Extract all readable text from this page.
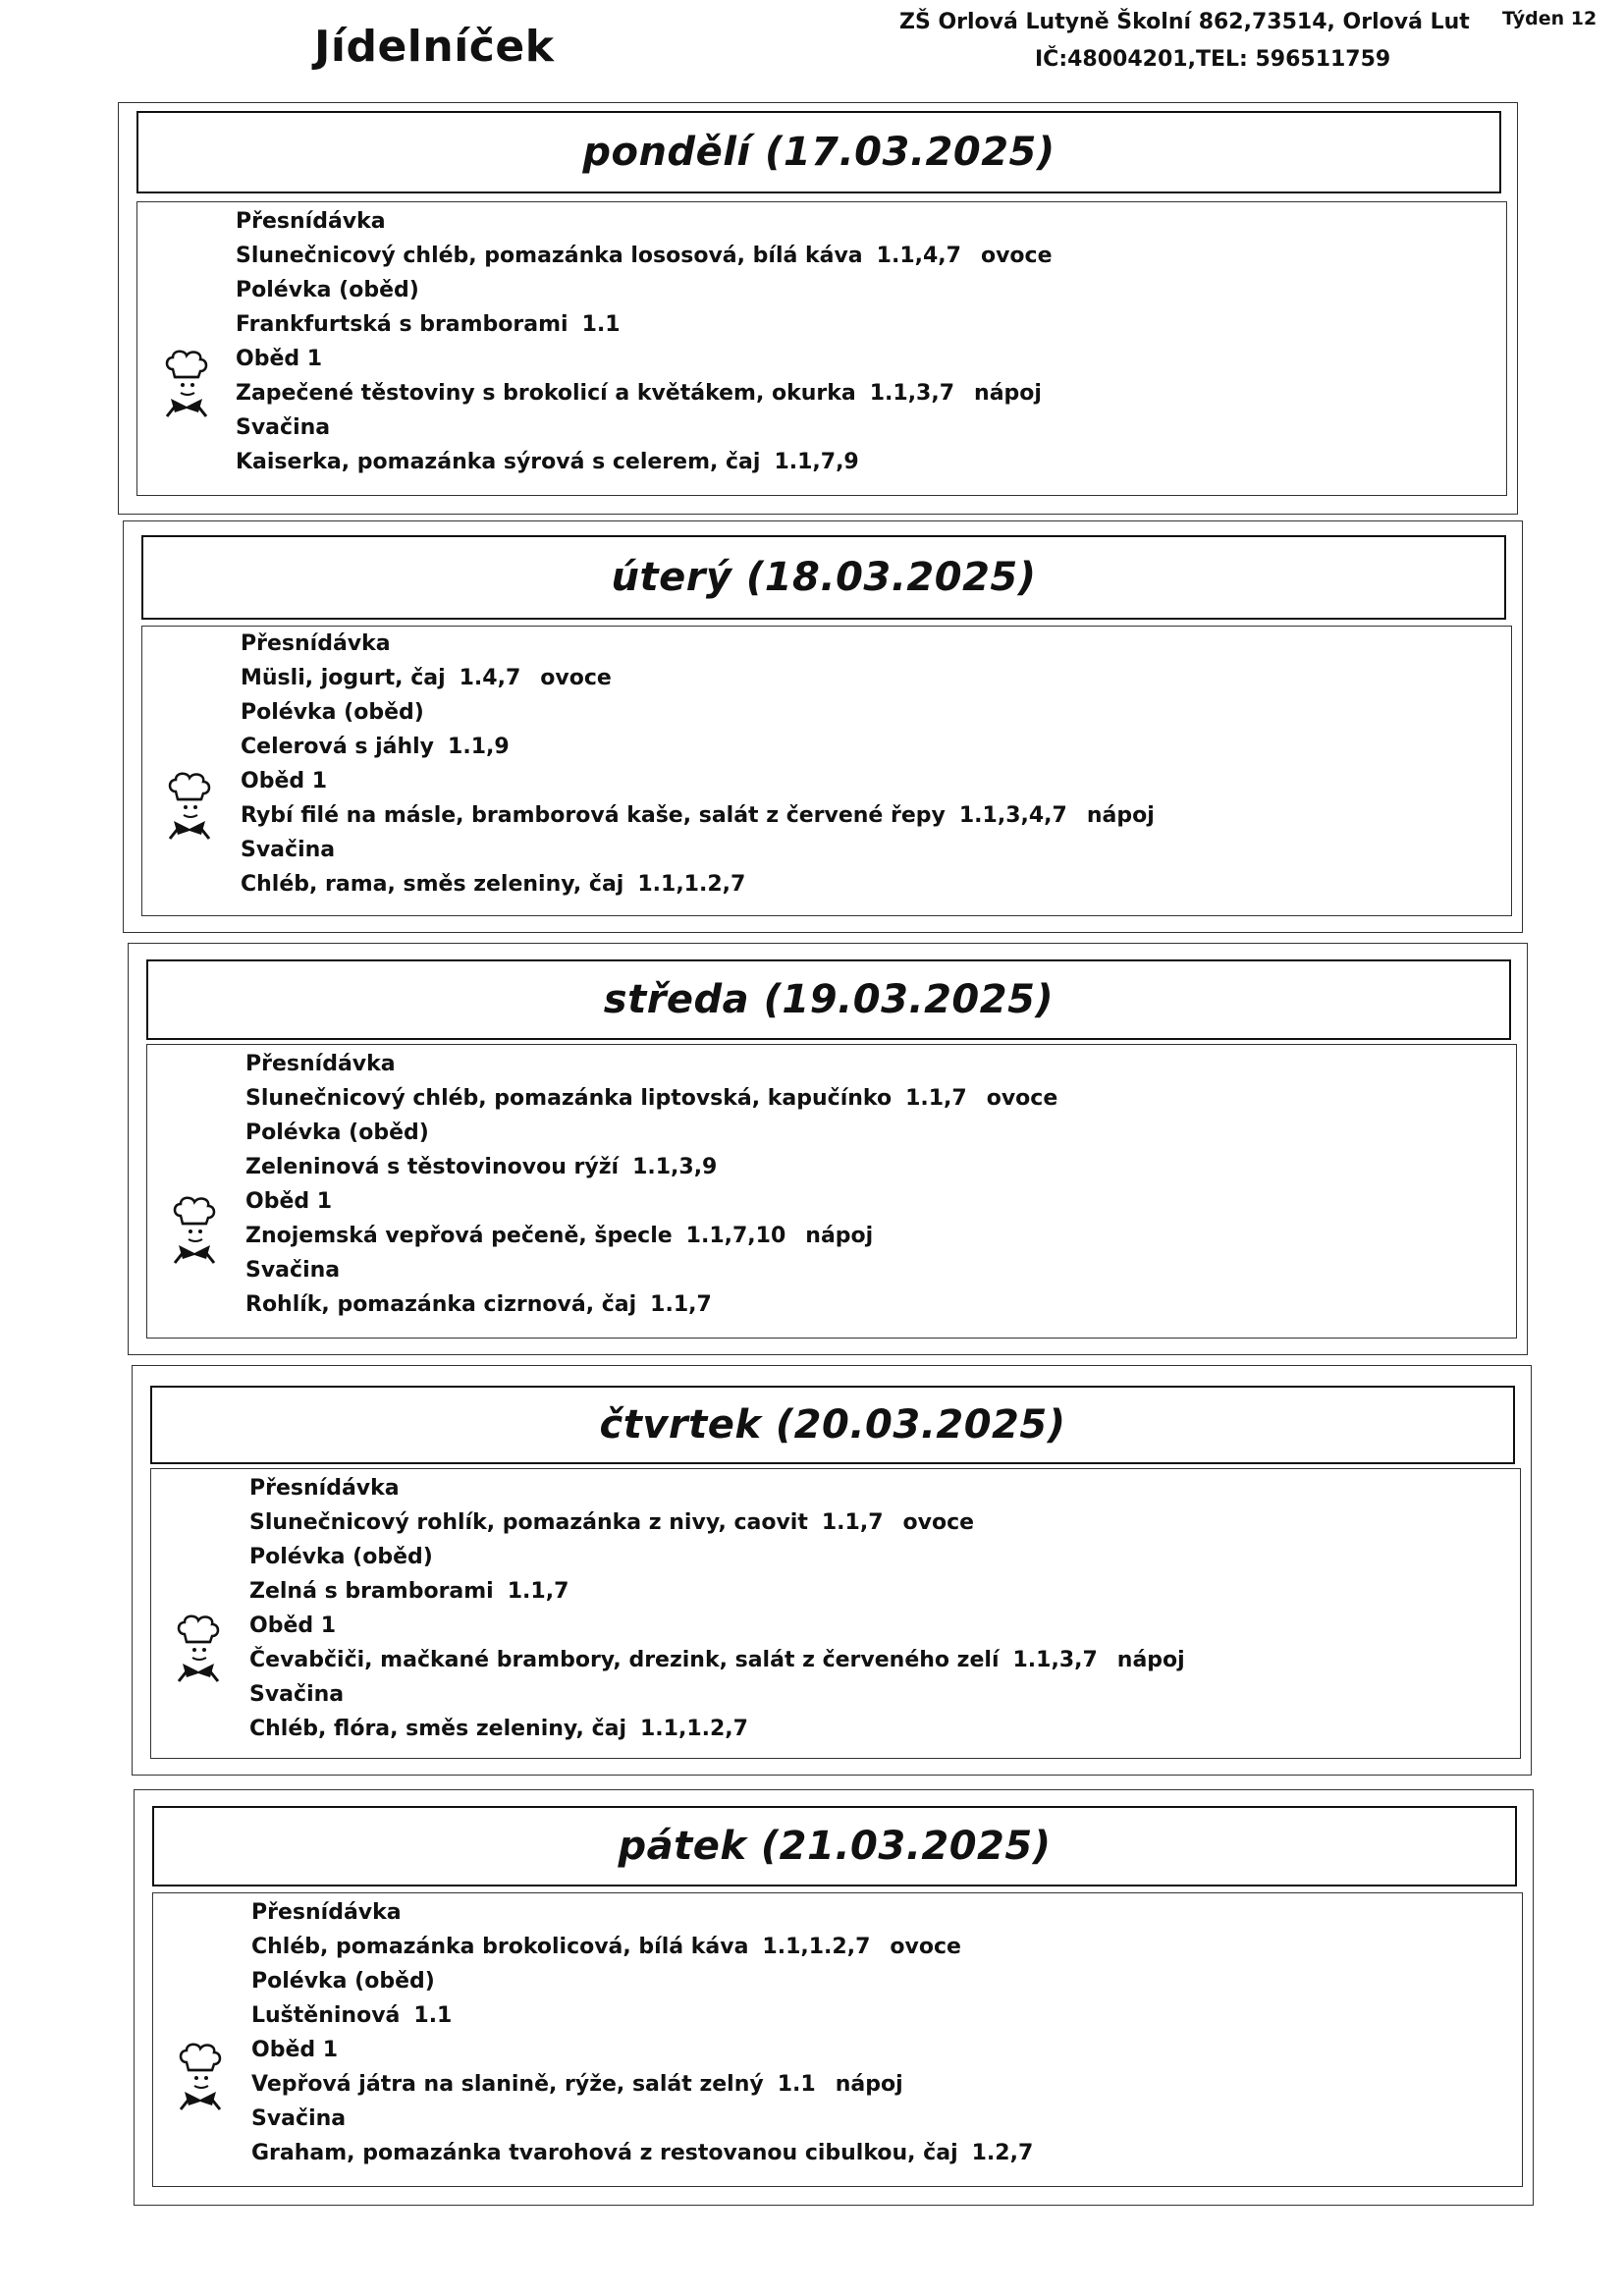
Jídelníček	ZŠ Orlová Lutyně Školní 862,73514, Orlová Lut
IČ:48004201,TEL: 596511759
Týden 12
pondělí (17.03.2025)
Přesnídávka
Slunečnicový chléb, pomazánka lososová, bílá káva 1.1,4,7 ovoce
Polévka (oběd)
Frankfurtská s bramborami 1.1
Oběd 1
Zapečené těstoviny s brokolicí a květákem, okurka 1.1,3,7 nápoj
Svačina
Kaiserka, pomazánka sýrová s celerem, čaj 1.1,7,9
úterý (18.03.2025)
Přesnídávka
Müsli, jogurt, čaj 1.4,7 ovoce
Polévka (oběd)
Celerová s jáhly 1.1,9
Oběd 1
Rybí filé na másle, bramborová kaše, salát z červené řepy 1.1,3,4,7 nápoj
Svačina
Chléb, rama, směs zeleniny, čaj 1.1,1.2,7
středa (19.03.2025)
Přesnídávka
Slunečnicový chléb, pomazánka liptovská, kapučínko 1.1,7 ovoce
Polévka (oběd)
Zeleninová s těstovinovou rýží 1.1,3,9
Oběd 1
Znojemská vepřová pečeně, špecle 1.1,7,10 nápoj
Svačina
Rohlík, pomazánka cizrnová, čaj 1.1,7
čtvrtek (20.03.2025)
Přesnídávka
Slunečnicový rohlík, pomazánka z nivy, caovit 1.1,7 ovoce
Polévka (oběd)
Zelná s bramborami 1.1,7
Oběd 1
Čevabčiči, mačkané brambory, drezink, salát z červeného zelí 1.1,3,7 nápoj
Svačina
Chléb, flóra, směs zeleniny, čaj 1.1,1.2,7
pátek (21.03.2025)
Přesnídávka
Chléb, pomazánka brokolicová, bílá káva 1.1,1.2,7 ovoce
Polévka (oběd)
Luštěninová 1.1
Oběd 1
Vepřová játra na slanině, rýže, salát zelný 1.1 nápoj
Svačina
Graham, pomazánka tvarohová z restovanou cibulkou, čaj 1.2,7
